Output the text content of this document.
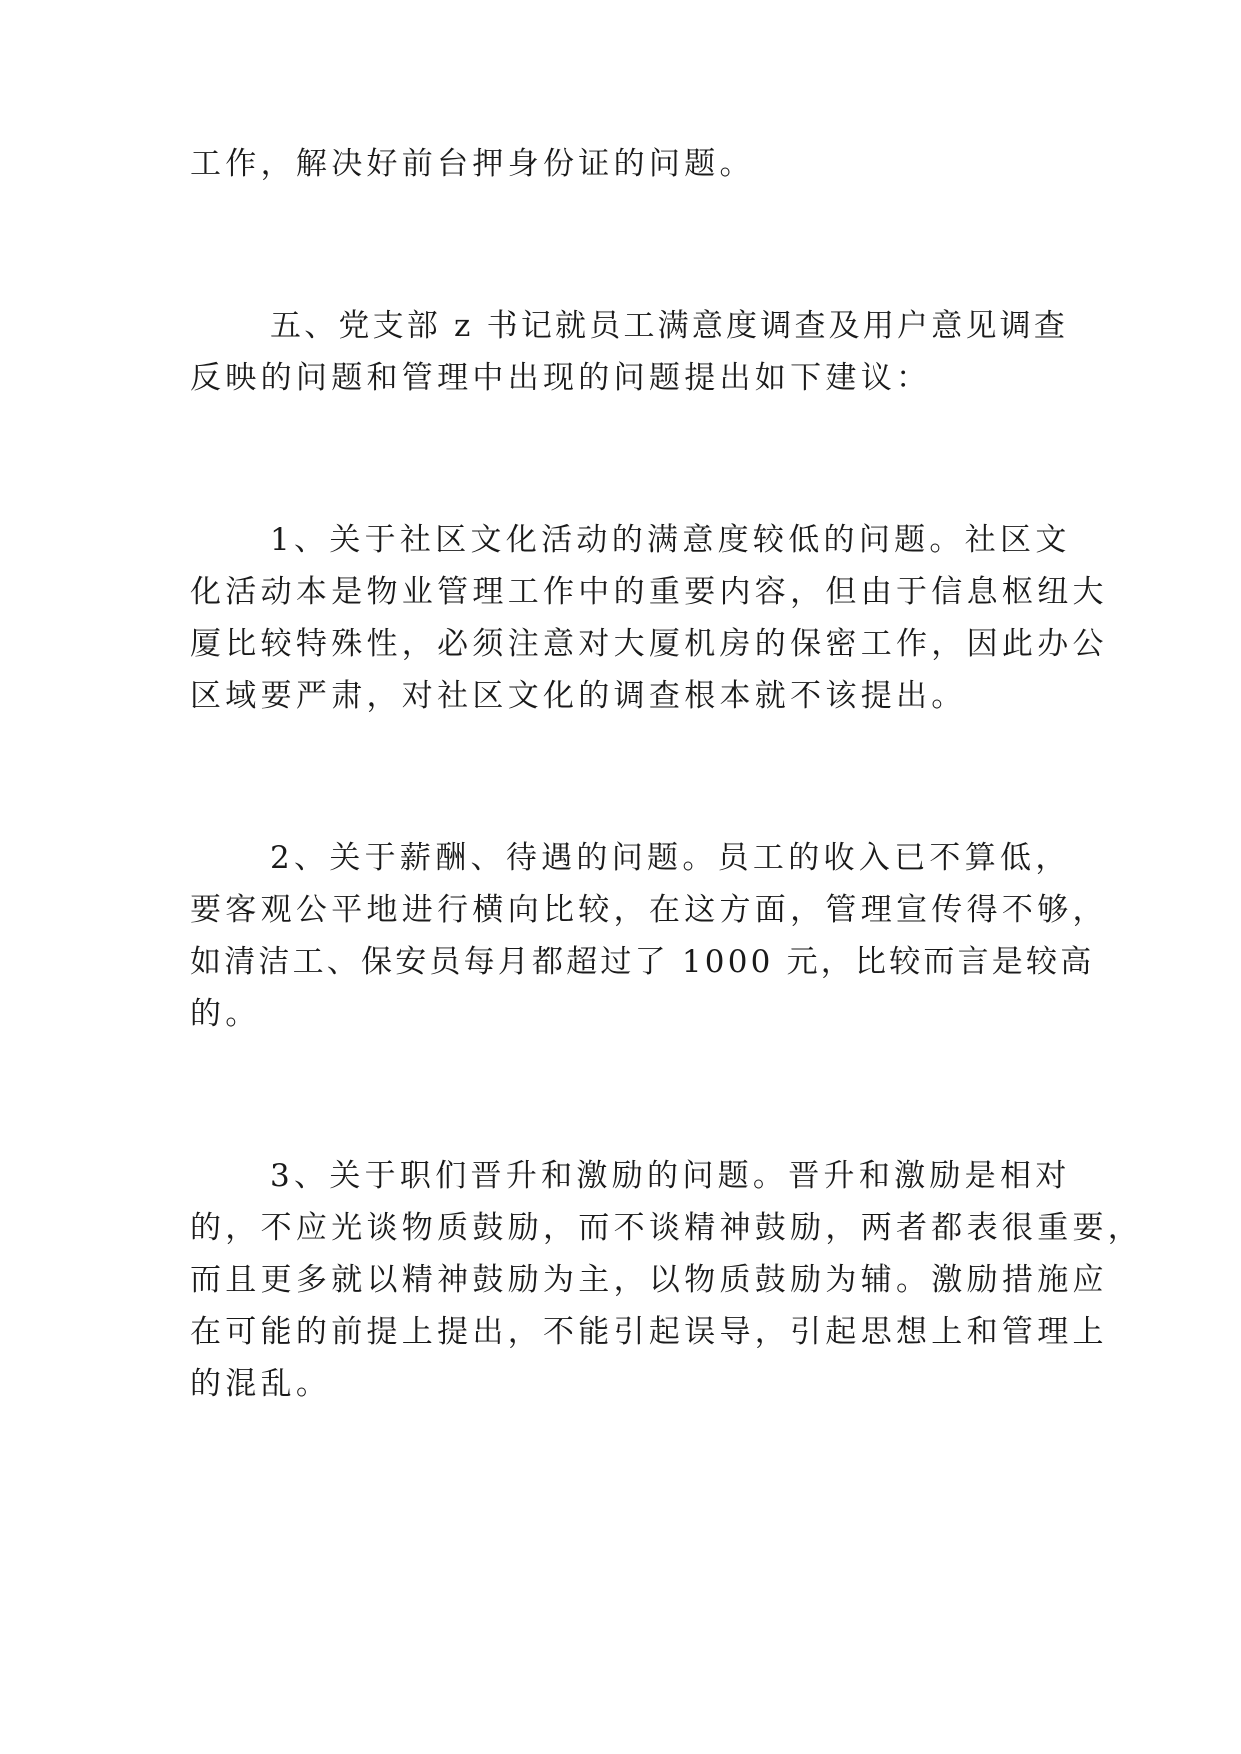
工作，解决好前台押身份证的问题。
五、党支部 z 书记就员工满意度调查及用户意见调查
反映的问题和管理中出现的问题提出如下建议：
1、关于社区文化活动的满意度较低的问题。社区文
化活动本是物业管理工作中的重要内容，但由于信息枢纽大
厦比较特殊性，必须注意对大厦机房的保密工作，因此办公
区域要严肃，对社区文化的调查根本就不该提出。
2、关于薪酬、待遇的问题。员工的收入已不算低，
要客观公平地进行横向比较，在这方面，管理宣传得不够，
如清洁工、保安员每月都超过了 1000 元，比较而言是较高
的。
3、关于职们晋升和激励的问题。晋升和激励是相对
的，不应光谈物质鼓励，而不谈精神鼓励，两者都表很重要，
而且更多就以精神鼓励为主，以物质鼓励为辅。激励措施应
在可能的前提上提出，不能引起误导，引起思想上和管理上
的混乱。
